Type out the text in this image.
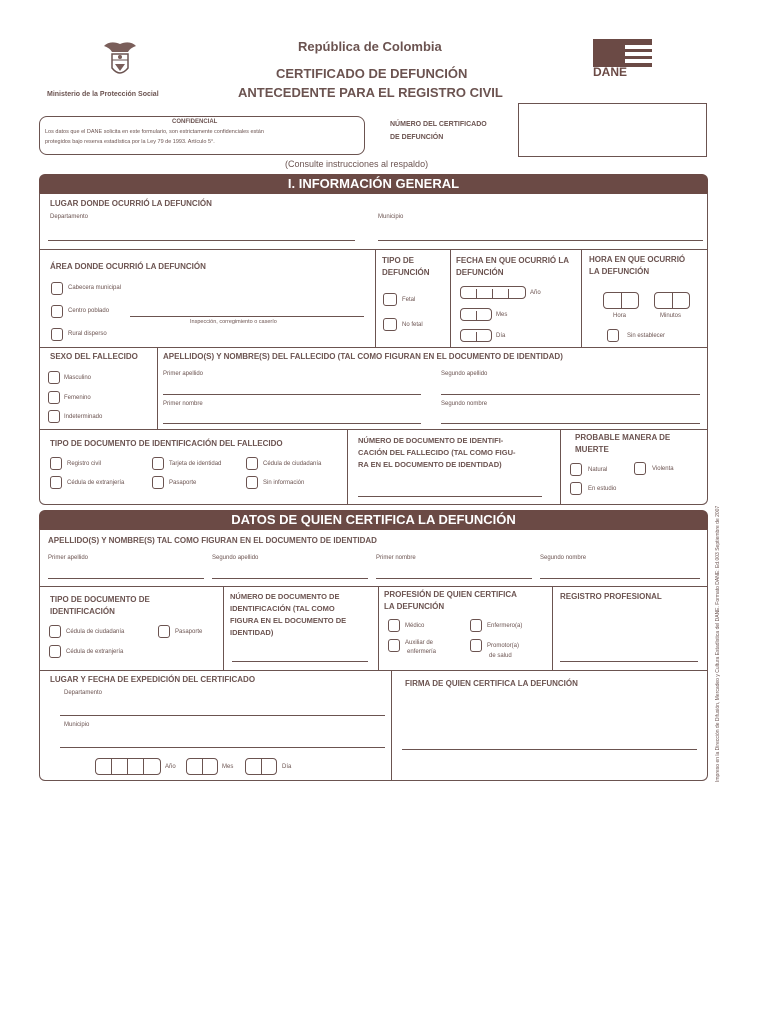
Ministerio de la Protección Social
República de Colombia
CERTIFICADO DE DEFUNCIÓN
ANTECEDENTE PARA EL REGISTRO CIVIL
DANE
CONFIDENCIAL
Los datos que el DANE solicita en este formulario, son estrictamente confidenciales están
protegidos bajo reserva estadística por la Ley 79 de 1993. Artículo 5°.
NÚMERO DEL CERTIFICADO
DE DEFUNCIÓN
(Consulte instrucciones al respaldo)
I. INFORMACIÓN GENERAL
LUGAR DONDE OCURRIÓ LA DEFUNCIÓN
Departamento	Municipio
ÁREA DONDE OCURRIÓ LA DEFUNCIÓN
Cabecera municipal
Centro poblado
Inspección, corregimiento o caserío
Rural disperso
TIPO DE
DEFUNCIÓN
Fetal
No fetal
FECHA EN QUE OCURRIÓ LA
DEFUNCIÓN
Año
Mes
Día
HORA EN QUE OCURRIÓ
LA DEFUNCIÓN
Hora	Minutos
Sin establecer
SEXO DEL FALLECIDO
Masculino
Femenino
Indeterminado
APELLIDO(S) Y NOMBRE(S) DEL FALLECIDO (TAL COMO FIGURAN EN EL DOCUMENTO DE IDENTIDAD)
Primer apellido	Segundo apellido
Primer nombre	Segundo nombre
TIPO DE DOCUMENTO DE IDENTIFICACIÓN DEL FALLECIDO
Registro civil	Tarjeta de identidad	Cédula de ciudadanía
Cédula de extranjería	Pasaporte	Sin información
NÚMERO DE DOCUMENTO DE IDENTIFI-
CACIÓN DEL FALLECIDO (TAL COMO FIGU-
RA EN EL DOCUMENTO DE IDENTIDAD)
PROBABLE MANERA DE
MUERTE
Natural	Violenta
En estudio
DATOS DE QUIEN CERTIFICA LA DEFUNCIÓN
APELLIDO(S) Y NOMBRE(S) TAL COMO FIGURAN EN EL DOCUMENTO DE IDENTIDAD
Primer apellido	Segundo apellido	Primer nombre	Segundo nombre
TIPO DE DOCUMENTO DE
IDENTIFICACIÓN
Cédula de ciudadanía	Pasaporte
Cédula de extranjería
NÚMERO DE DOCUMENTO DE
IDENTIFICACIÓN (TAL COMO
FIGURA EN EL DOCUMENTO DE
IDENTIDAD)
PROFESIÓN DE QUIEN CERTIFICA
LA DEFUNCIÓN
Médico	Enfermero(a)
Auxiliar de
enfermería
Promotor(a)
de salud
REGISTRO PROFESIONAL
LUGAR Y FECHA DE EXPEDICIÓN DEL CERTIFICADO
Departamento
Municipio
Año	Mes	Día
FIRMA DE QUIEN CERTIFICA LA DEFUNCIÓN	Impreso en la Dirección de Difusión, Mercadeo y Cultura Estadística del DANE. Formato DANE: Ed.003 Septiembre de 2007
